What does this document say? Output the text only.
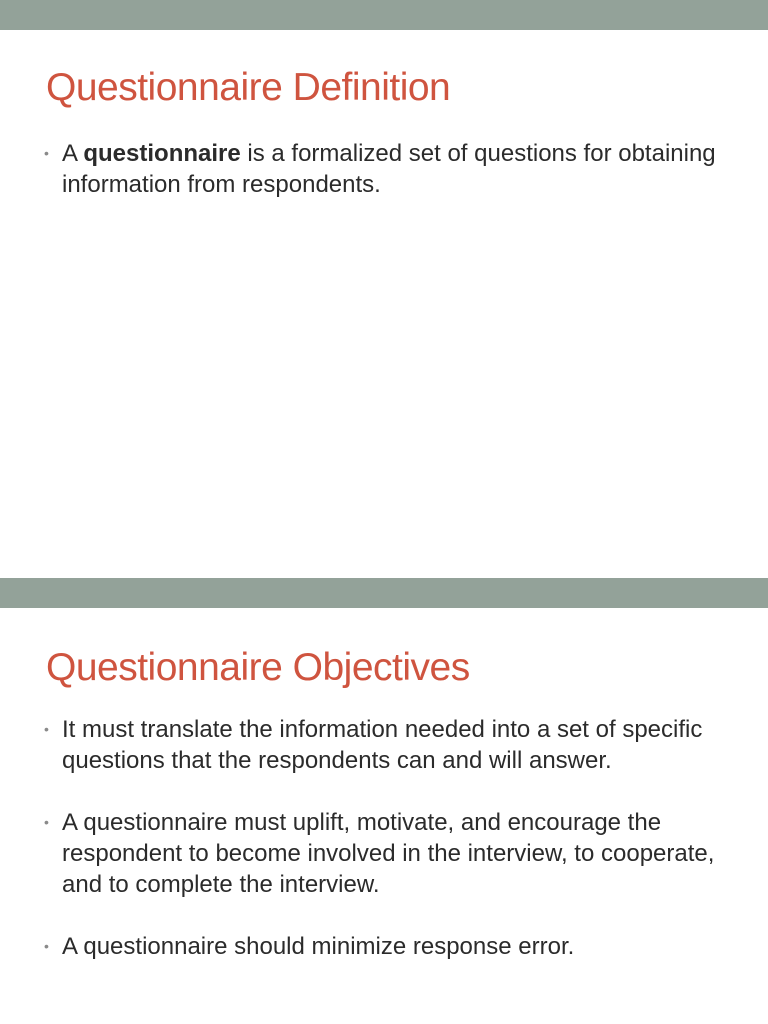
Questionnaire Definition
• A questionnaire is a formalized set of questions for obtaining information from respondents.
Questionnaire Objectives
• It must translate the information needed into a set of specific questions that the respondents can and will answer.
• A questionnaire must uplift, motivate, and encourage the respondent to become involved in the interview, to cooperate, and to complete the interview.
• A questionnaire should minimize response error.
